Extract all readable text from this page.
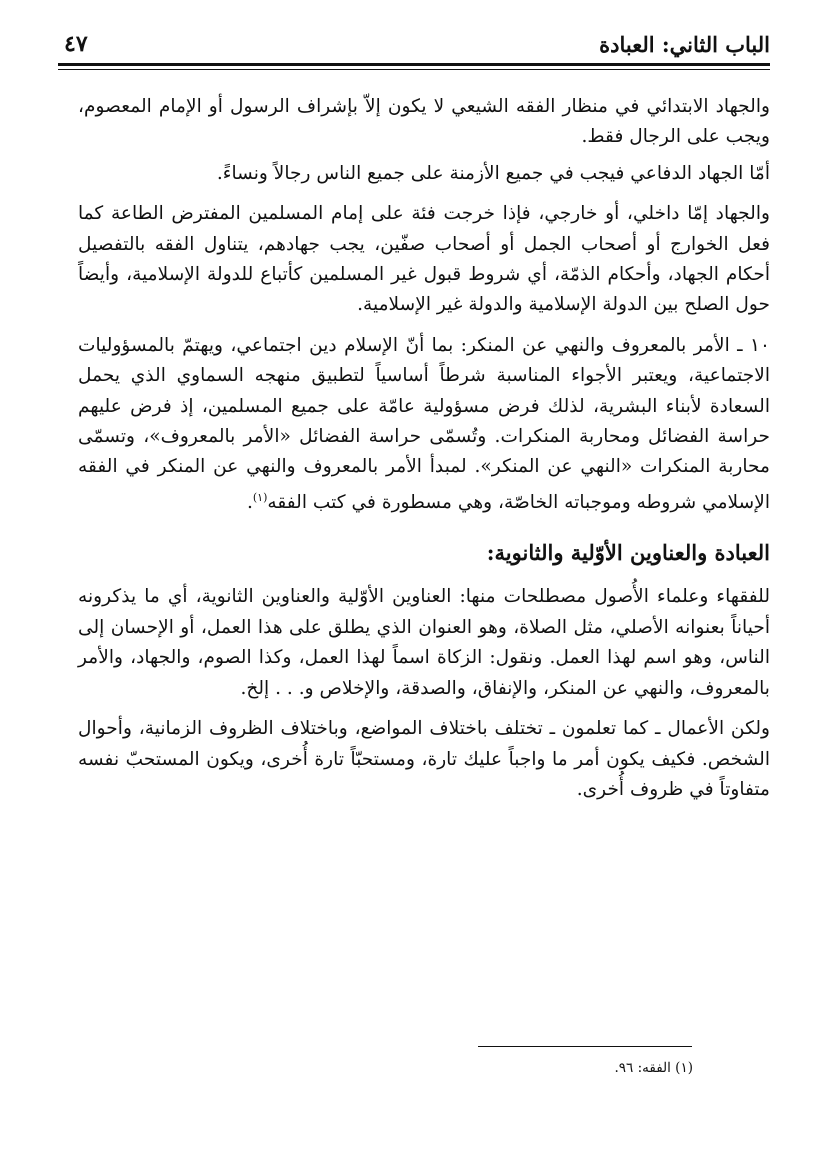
الباب الثاني: العبادة
٤٧

والجهاد الابتدائي في منظار الفقه الشيعي لا يكون إلاّ بإشراف الرسول أو الإمام المعصوم، ويجب على الرجال فقط.

أمّا الجهاد الدفاعي فيجب في جميع الأزمنة على جميع الناس رجالاً ونساءً.

والجهاد إمّا داخلي، أو خارجي، فإذا خرجت فئة على إمام المسلمين المفترض الطاعة كما فعل الخوارج أو أصحاب الجمل أو أصحاب صفّين، يجب جهادهم، يتناول الفقه بالتفصيل أحكام الجهاد، وأحكام الذمّة، أي شروط قبول غير المسلمين كأتباع للدولة الإسلامية، وأيضاً حول الصلح بين الدولة الإسلامية والدولة غير الإسلامية.

١٠ ـ الأمر بالمعروف والنهي عن المنكر: بما أنّ الإسلام دين اجتماعي، ويهتمّ بالمسؤوليات الاجتماعية، ويعتبر الأجواء المناسبة شرطاً أساسياً لتطبيق منهجه السماوي الذي يحمل السعادة لأبناء البشرية، لذلك فرض مسؤولية عامّة على جميع المسلمين، إذ فرض عليهم حراسة الفضائل ومحاربة المنكرات. وتُسمّى حراسة الفضائل «الأمر بالمعروف»، وتسمّى محاربة المنكرات «النهي عن المنكر». لمبدأ الأمر بالمعروف والنهي عن المنكر في الفقه الإسلامي شروطه وموجباته الخاصّة، وهي مسطورة في كتب الفقه$^{(١)}$.

العبادة والعناوين الأوّلية والثانوية:

للفقهاء وعلماء الأُصول مصطلحات منها: العناوين الأوّلية والعناوين الثانوية، أي ما يذكرونه أحياناً بعنوانه الأصلي، مثل الصلاة، وهو العنوان الذي يطلق على هذا العمل، أو الإحسان إلى الناس، وهو اسم لهذا العمل. ونقول: الزكاة اسماً لهذا العمل، وكذا الصوم، والجهاد، والأمر بالمعروف، والنهي عن المنكر، والإنفاق، والصدقة، والإخلاص و. . . إلخ.

ولكن الأعمال ـ كما تعلمون ـ تختلف باختلاف المواضع، وباختلاف الظروف الزمانية، وأحوال الشخص. فكيف يكون أمر ما واجباً عليك تارة، ومستحبّاً تارة أُخرى، ويكون المستحبّ نفسه متفاوتاً في ظروف أُخرى.

(١) الفقه: ٩٦.
